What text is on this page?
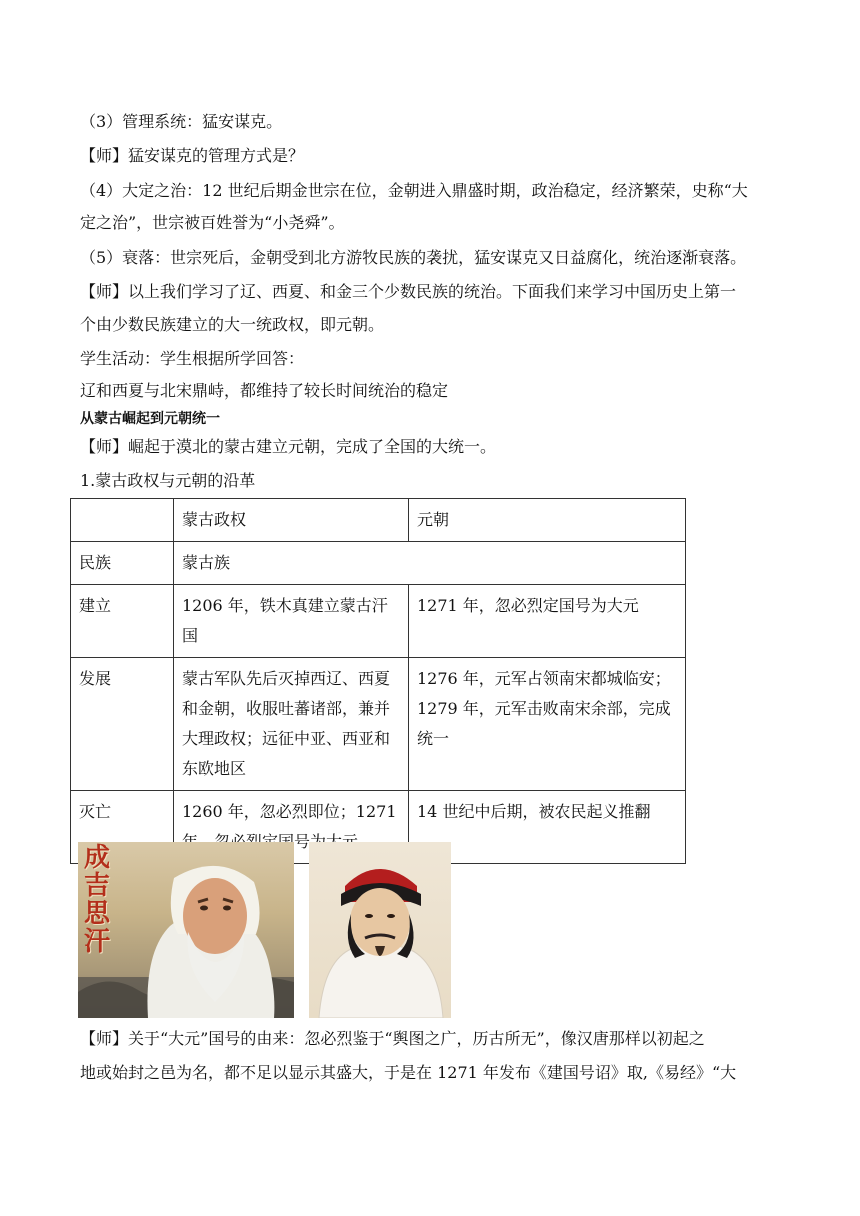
（3）管理系统：猛安谋克。
【师】猛安谋克的管理方式是？
（4）大定之治：12 世纪后期金世宗在位，金朝进入鼎盛时期，政治稳定，经济繁荣，史称“大
定之治”，世宗被百姓誉为“小尧舜”。
（5）衰落：世宗死后，金朝受到北方游牧民族的袭扰，猛安谋克又日益腐化，统治逐渐衰落。
【师】以上我们学习了辽、西夏、和金三个少数民族的统治。下面我们来学习中国历史上第一
个由少数民族建立的大一统政权，即元朝。
学生活动：学生根据所学回答：
辽和西夏与北宋鼎峙，都维持了较长时间统治的稳定
从蒙古崛起到元朝统一
【师】崛起于漠北的蒙古建立元朝，完成了全国的大统一。
1.蒙古政权与元朝的沿革
	蒙古政权	元朝
民族	蒙古族	
建立	1206 年，铁木真建立蒙古汗国	1271 年，忽必烈定国号为大元
发展	蒙古军队先后灭掉西辽、西夏和金朝，收服吐蕃诸部，兼并大理政权；远征中亚、西亚和东欧地区	1276 年，元军占领南宋都城临安；1279 年，元军击败南宋余部，完成统一
灭亡	1260 年，忽必烈即位；1271	14 世纪中后期，被农民起义推翻
成吉思汗
【师】关于“大元”国号的由来：忽必烈鉴于“舆图之广，历古所无”，像汉唐那样以初起之
地或始封之邑为名，都不足以显示其盛大，于是在 1271 年发布《建国号诏》取,《易经》“大
